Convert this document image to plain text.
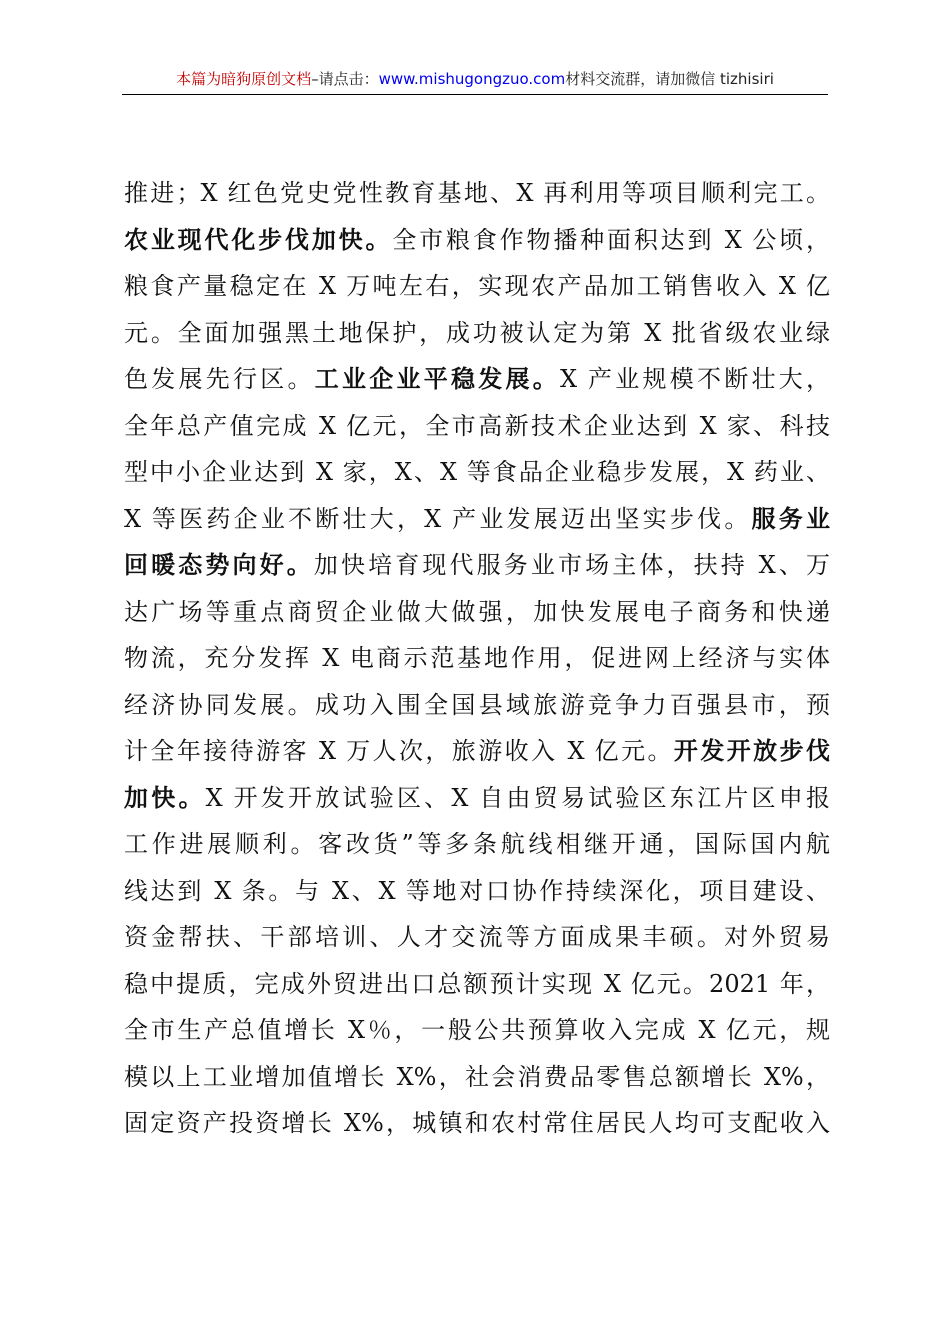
本篇为暗狗原创文档–请点击：www.mishugongzuo.com材料交流群，请加微信 tizhisiri
推进；X 红色党史党性教育基地、X 再利用等项目顺利完工。
农业现代化步伐加快。全市粮食作物播种面积达到 X 公顷，
粮食产量稳定在 X 万吨左右，实现农产品加工销售收入 X 亿
元。全面加强黑土地保护，成功被认定为第 X 批省级农业绿
色发展先行区。工业企业平稳发展。X 产业规模不断壮大，
全年总产值完成 X 亿元，全市高新技术企业达到 X 家、科技
型中小企业达到 X 家，X、X 等食品企业稳步发展，X 药业、
X 等医药企业不断壮大，X 产业发展迈出坚实步伐。服务业
回暖态势向好。加快培育现代服务业市场主体，扶持 X、万
达广场等重点商贸企业做大做强，加快发展电子商务和快递
物流，充分发挥 X 电商示范基地作用，促进网上经济与实体
经济协同发展。成功入围全国县域旅游竞争力百强县市，预
计全年接待游客 X 万人次，旅游收入 X 亿元。开发开放步伐
加快。X 开发开放试验区、X 自由贸易试验区东江片区申报
工作进展顺利。客改货”等多条航线相继开通，国际国内航
线达到 X 条。与 X、X 等地对口协作持续深化，项目建设、
资金帮扶、干部培训、人才交流等方面成果丰硕。对外贸易
稳中提质，完成外贸进出口总额预计实现 X 亿元。2021 年，
全市生产总值增长 X％，一般公共预算收入完成 X 亿元，规
模以上工业增加值增长 X%，社会消费品零售总额增长 X%，
固定资产投资增长 X%，城镇和农村常住居民人均可支配收入
